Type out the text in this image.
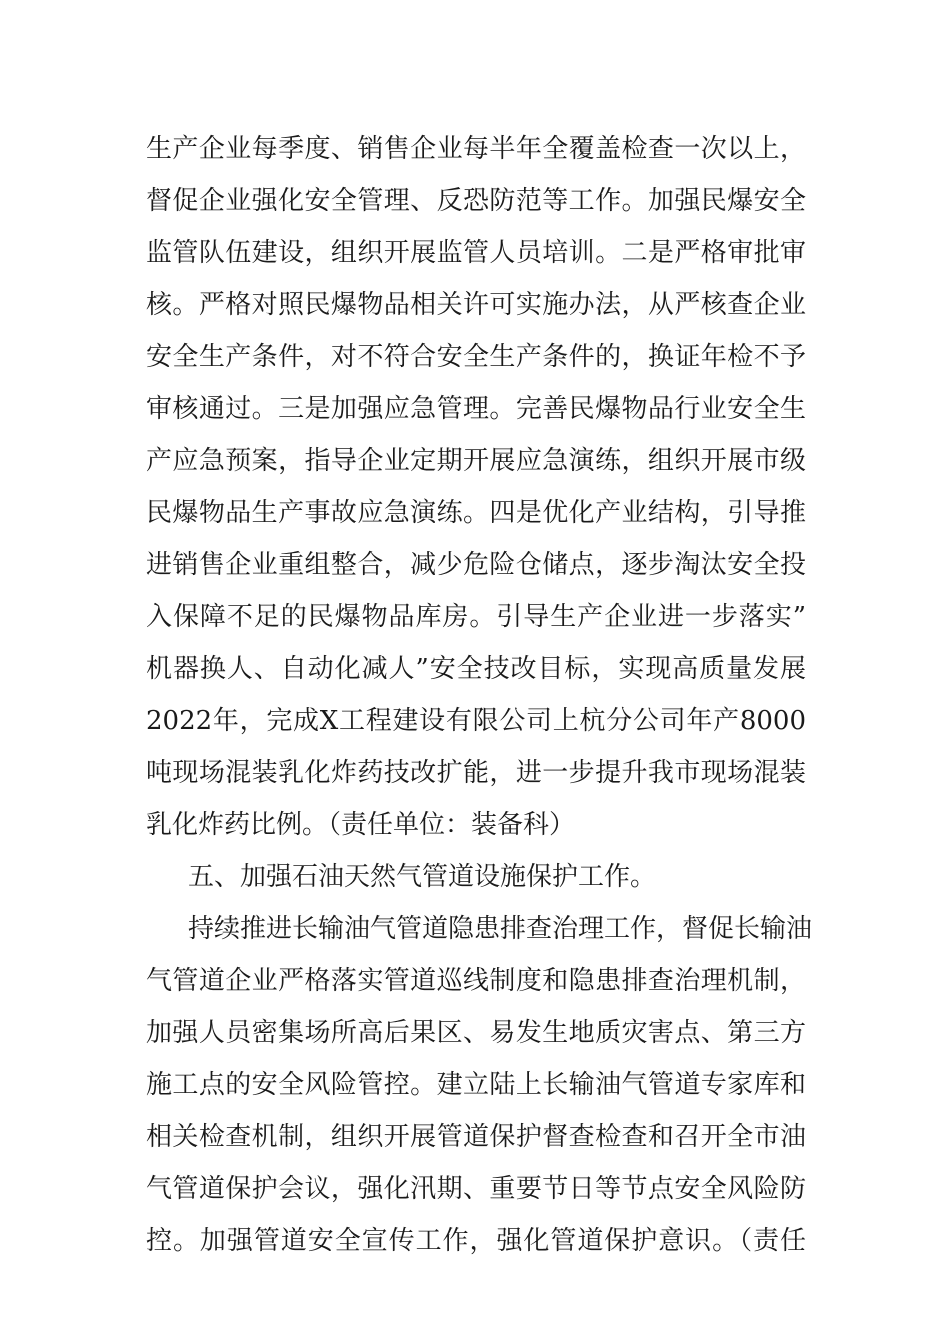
生产企业每季度、销售企业每半年全覆盖检查一次以上，
督促企业强化安全管理、反恐防范等工作。加强民爆安全
监管队伍建设，组织开展监管人员培训。二是严格审批审
核。严格对照民爆物品相关许可实施办法，从严核查企业
安全生产条件，对不符合安全生产条件的，换证年检不予
审核通过。三是加强应急管理。完善民爆物品行业安全生
产应急预案，指导企业定期开展应急演练，组织开展市级
民爆物品生产事故应急演练。四是优化产业结构，引导推
进销售企业重组整合，减少危险仓储点，逐步淘汰安全投
入保障不足的民爆物品库房。引导生产企业进一步落实”
机器换人、自动化减人”安全技改目标，实现高质量发展
2022年，完成X工程建设有限公司上杭分公司年产8000
吨现场混装乳化炸药技改扩能，进一步提升我市现场混装
乳化炸药比例。（责任单位：装备科）
五、加强石油天然气管道设施保护工作。
持续推进长输油气管道隐患排查治理工作，督促长输油
气管道企业严格落实管道巡线制度和隐患排查治理机制，
加强人员密集场所高后果区、易发生地质灾害点、第三方
施工点的安全风险管控。建立陆上长输油气管道专家库和
相关检查机制，组织开展管道保护督查检查和召开全市油
气管道保护会议，强化汛期、重要节日等节点安全风险防
控。加强管道安全宣传工作，强化管道保护意识。（责任
